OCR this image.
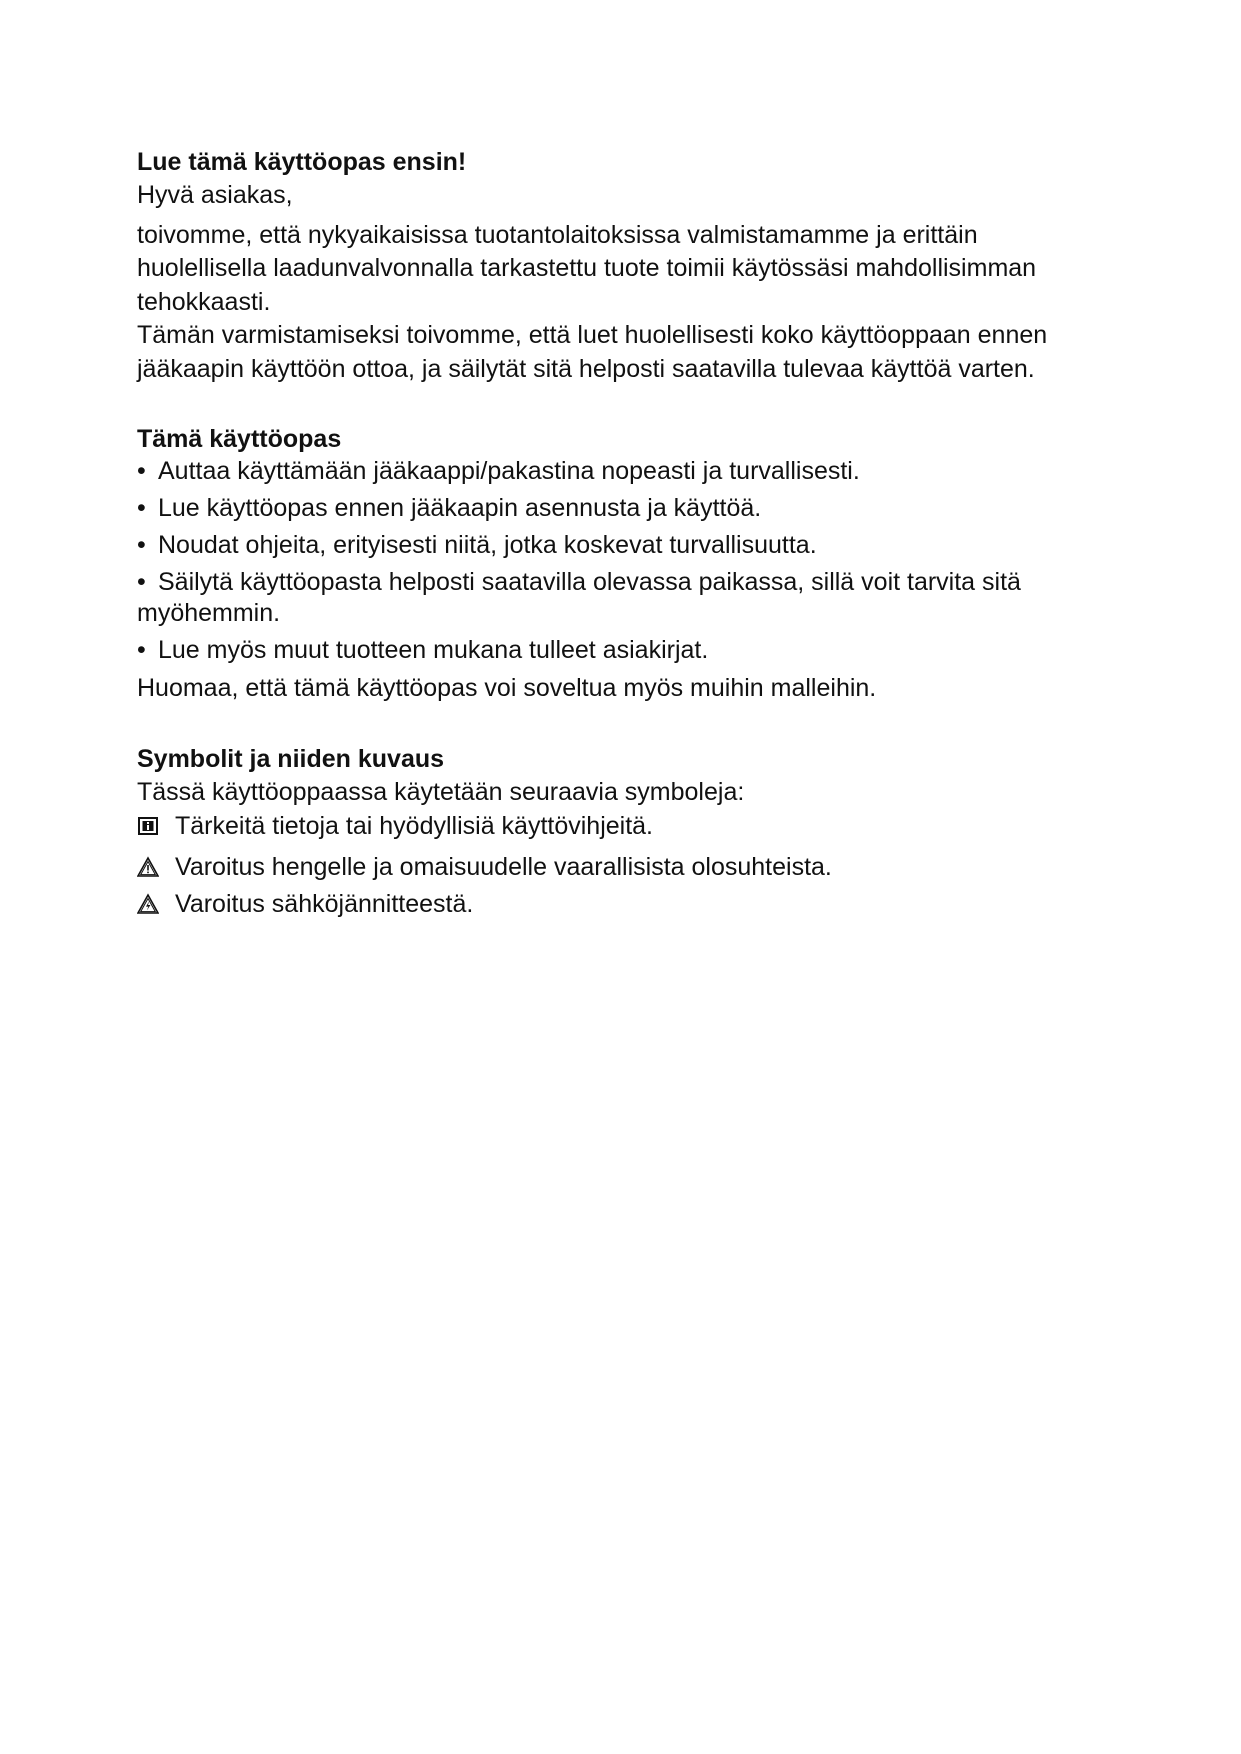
Lue tämä käyttöopas ensin!

Hyvä asiakas,

toivomme, että nykyaikaisissa tuotantolaitoksissa valmistamamme ja erittäin huolellisella laadunvalvonnalla tarkastettu tuote toimii käytössäsi mahdollisimman tehokkaasti.

Tämän varmistamiseksi toivomme, että luet huolellisesti koko käyttöoppaan ennen jääkaapin käyttöön ottoa, ja säilytät sitä helposti saatavilla tulevaa käyttöä varten.

Tämä käyttöopas
• Auttaa käyttämään jääkaappi/pakastina nopeasti ja turvallisesti.
• Lue käyttöopas ennen jääkaapin asennusta ja käyttöä.
• Noudat ohjeita, erityisesti niitä, jotka koskevat turvallisuutta.
• Säilytä käyttöopasta helposti saatavilla olevassa paikassa, sillä voit tarvita sitä myöhemmin.
• Lue myös muut tuotteen mukana tulleet asiakirjat.

Huomaa, että tämä käyttöopas voi soveltua myös muihin malleihin.

Symbolit ja niiden kuvaus

Tässä käyttöoppaassa käytetään seuraavia symboleja:

Tärkeitä tietoja tai hyödyllisiä käyttövihjeitä.
Varoitus hengelle ja omaisuudelle vaarallisista olosuhteista.
Varoitus sähköjännitteestä.
